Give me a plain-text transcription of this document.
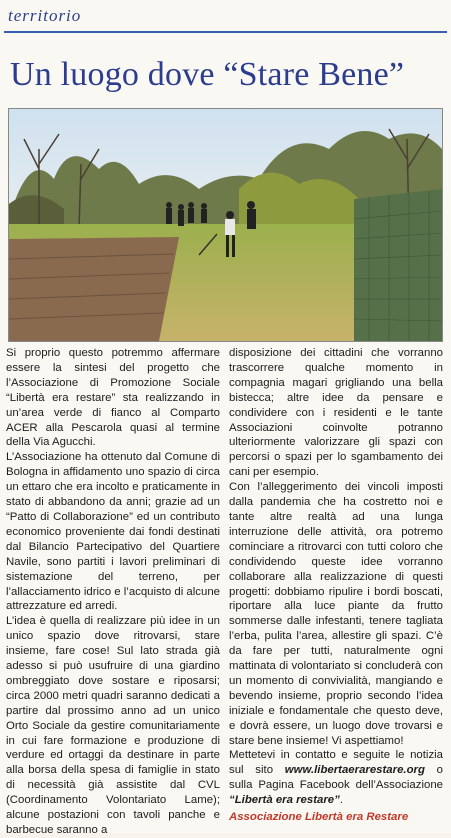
territorio
Un luogo dove “Stare Bene”

Si proprio questo potremmo affermare essere la sintesi del progetto che l’Associazione di Promozione Sociale “Libertà era restare” sta realizzando in un’area verde di fianco al Comparto ACER alla Pescarola quasi al termine della Via Agucchi.

L’Associazione ha ottenuto dal Comune di Bologna in affidamento uno spazio di circa un ettaro che era incolto e praticamente in stato di abbandono da anni; grazie ad un “Patto di Collaborazione” ed un contributo economico proveniente dai fondi destinati dal Bilancio Partecipativo del Quartiere Navile, sono partiti i lavori preliminari di sistemazione del terreno, per l’allacciamento idrico e l’acquisto di alcune attrezzature ed arredi.

L’idea è quella di realizzare più idee in un unico spazio dove ritrovarsi, stare insieme, fare cose! Sul lato strada già adesso si può usufruire di una giardino ombreggiato dove sostare e riposarsi; circa 2000 metri quadri saranno dedicati a partire dal prossimo anno ad un unico Orto Sociale da gestire comunitariamente in cui fare formazione e produzione di verdure ed ortaggi da destinare in parte alla borsa della spesa di famiglie in stato di necessità già assistite dal CVL (Coordinamento Volontariato Lame); alcune postazioni con tavoli panche e barbecue saranno a

disposizione dei cittadini che vorranno trascorrere qualche momento in compagnia magari grigliando una bella bistecca; altre idee da pensare e condividere con i residenti e le tante Associazioni coinvolte potranno ulteriormente valorizzare gli spazi con percorsi o spazi per lo sgambamento dei cani per esempio.

Con l’alleggerimento dei vincoli imposti dalla pandemia che ha costretto noi e tante altre realtà ad una lunga interruzione delle attività, ora potremo cominciare a ritrovarci con tutti coloro che condividendo queste idee vorranno collaborare alla realizzazione di questi progetti: dobbiamo ripulire i bordi boscati, riportare alla luce piante da frutto sommerse dalle infestanti, tenere tagliata l’erba, pulita l’area, allestire gli spazi. C’è da fare per tutti, naturalmente ogni mattinata di volontariato si concluderà con un momento di convivialità, mangiando e bevendo insieme, proprio secondo l’idea iniziale e fondamentale che questo deve, e dovrà essere, un luogo dove trovarsi e stare bene insieme! Vi aspettiamo!

Mettetevi in contatto e seguite le notizia sul sito www.libertaerarestare.org o sulla Pagina Facebook dell’Associazione “Libertà era restare”.

Associazione Libertà era Restare
